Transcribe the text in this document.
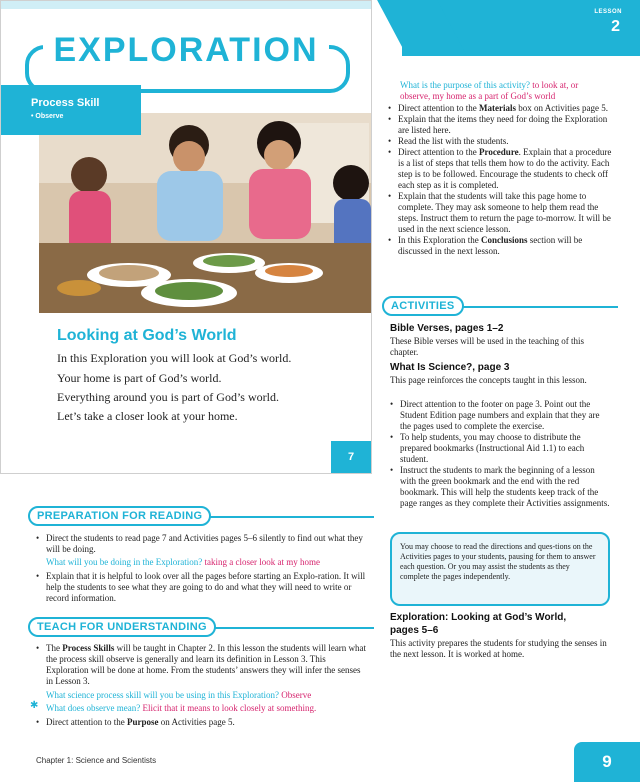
LESSON
2
EXPLORATION
Process Skill
• Observe
Looking at God’s World
In this Exploration you will look at God’s world.
Your home is part of God’s world.
Everything around you is part of God’s world.
Let’s take a closer look at your home.
7
What is the purpose of this activity? to look at, or observe, my home as a part of God’s world
• Direct attention to the Materials box on Activities page 5.
• Explain that the items they need for doing the Exploration are listed here.
• Read the list with the students.
• Direct attention to the Procedure. Explain that a procedure is a list of steps that tells them how to do the activity. Each step is to be followed. Encourage the students to check off each step as it is completed.
• Explain that the students will take this page home to complete. They may ask someone to help them read the steps. Instruct them to return the page to-morrow. It will be used in the next science lesson.
• In this Exploration the Conclusions section will be discussed in the next lesson.
ACTIVITIES
Bible Verses, pages 1–2
These Bible verses will be used in the teaching of this chapter.
What Is Science?, page 3
This page reinforces the concepts taught in this lesson.
• Direct attention to the footer on page 3. Point out the Student Edition page numbers and explain that they are the pages used to complete the exercise.
• To help students, you may choose to distribute the prepared bookmarks (Instructional Aid 1.1) to each student.
• Instruct the students to mark the beginning of a lesson with the green bookmark and the end with the red bookmark. This will help the students keep track of the page ranges as they complete their Activities assignments.
You may choose to read the directions and ques-tions on the Activities pages to your students, pausing for them to answer each question. Or you may assist the students as they complete the pages independently.
Exploration: Looking at God’s World,
pages 5–6
This activity prepares the students for studying the senses in the next lesson. It is worked at home.
PREPARATION FOR READING
• Direct the students to read page 7 and Activities pages 5–6 silently to find out what they will be doing.
What will you be doing in the Exploration? taking a closer look at my home
• Explain that it is helpful to look over all the pages before starting an Explo-ration. It will help the students to see what they are going to do and what they will need to write or record information.
TEACH FOR UNDERSTANDING
• The Process Skills will be taught in Chapter 2. In this lesson the students will learn what the process skill observe is generally and learn its definition in Lesson 3. This Exploration will be done at home. From the students’ answers they will infer the senses in Lesson 3.
What science process skill will you be using in this Exploration? Observe
✱ What does observe mean? Elicit that it means to look closely at something.
• Direct attention to the Purpose on Activities page 5.
Chapter 1: Science and Scientists	9
